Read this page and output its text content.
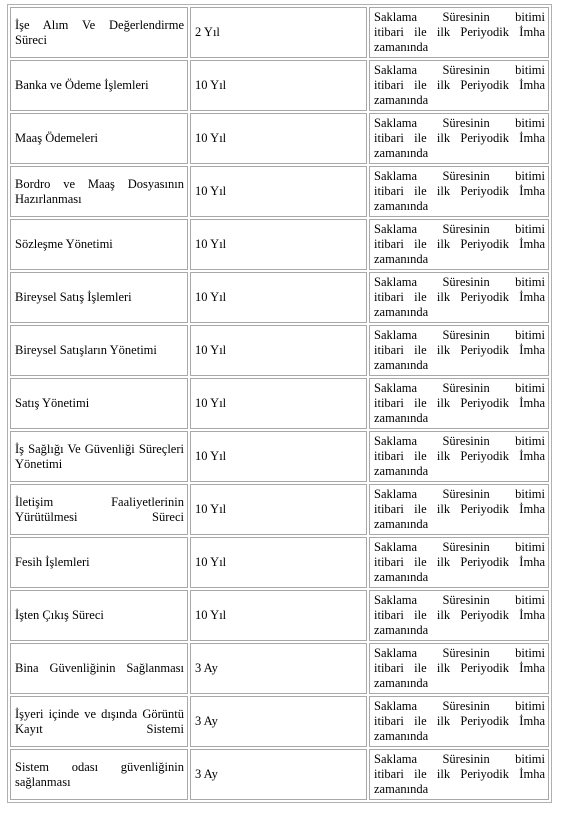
İşe Alım Ve Değerlendirme Süreci	2 Yıl	Saklama Süresinin bitimi
itibari ile ilk Periyodik İmha
zamanında

Banka ve Ödeme İşlemleri	10 Yıl	Saklama Süresinin bitimi
itibari ile ilk Periyodik İmha
zamanında

Maaş Ödemeleri	10 Yıl	Saklama Süresinin bitimi
itibari ile ilk Periyodik İmha
zamanında

Bordro ve Maaş Dosyasının Hazırlanması	10 Yıl	Saklama Süresinin bitimi
itibari ile ilk Periyodik İmha
zamanında

Sözleşme Yönetimi	10 Yıl	Saklama Süresinin bitimi
itibari ile ilk Periyodik İmha
zamanında

Bireysel Satış İşlemleri	10 Yıl	Saklama Süresinin bitimi
itibari ile ilk Periyodik İmha
zamanında

Bireysel Satışların Yönetimi	10 Yıl	Saklama Süresinin bitimi
itibari ile ilk Periyodik İmha
zamanında

Satış Yönetimi	10 Yıl	Saklama Süresinin bitimi
itibari ile ilk Periyodik İmha
zamanında

İş Sağlığı Ve Güvenliği Süreçleri Yönetimi	10 Yıl	Saklama Süresinin bitimi
itibari ile ilk Periyodik İmha
zamanında

İletişim Faaliyetlerinin Yürütülmesi Süreci	10 Yıl	Saklama Süresinin bitimi
itibari ile ilk Periyodik İmha
zamanında

Fesih İşlemleri	10 Yıl	Saklama Süresinin bitimi
itibari ile ilk Periyodik İmha
zamanında

İşten Çıkış Süreci	10 Yıl	Saklama Süresinin bitimi
itibari ile ilk Periyodik İmha
zamanında

Bina Güvenliğinin Sağlanması	3 Ay	Saklama Süresinin bitimi
itibari ile ilk Periyodik İmha
zamanında

İşyeri içinde ve dışında Görüntü Kayıt Sistemi	3 Ay	Saklama Süresinin bitimi
itibari ile ilk Periyodik İmha
zamanında

Sistem odası güvenliğinin sağlanması	3 Ay	Saklama Süresinin bitimi
itibari ile ilk Periyodik İmha
zamanında
